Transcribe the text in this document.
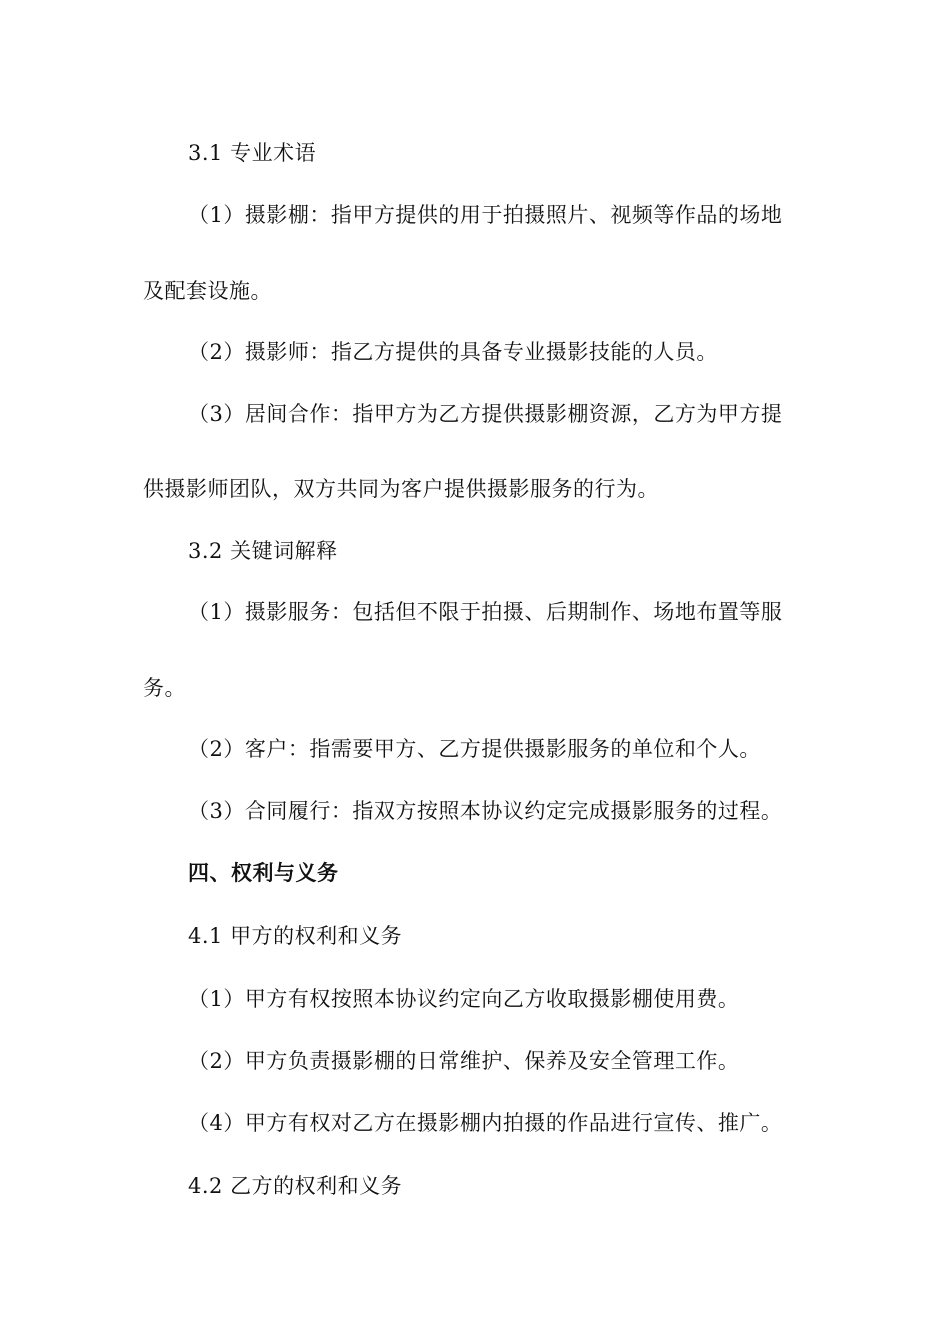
3.1 专业术语
（1）摄影棚：指甲方提供的用于拍摄照片、视频等作品的场地
及配套设施。
（2）摄影师：指乙方提供的具备专业摄影技能的人员。
（3）居间合作：指甲方为乙方提供摄影棚资源，乙方为甲方提
供摄影师团队，双方共同为客户提供摄影服务的行为。
3.2 关键词解释
（1）摄影服务：包括但不限于拍摄、后期制作、场地布置等服
务。
（2）客户：指需要甲方、乙方提供摄影服务的单位和个人。
（3）合同履行：指双方按照本协议约定完成摄影服务的过程。
四、权利与义务
4.1 甲方的权利和义务
（1）甲方有权按照本协议约定向乙方收取摄影棚使用费。
（2）甲方负责摄影棚的日常维护、保养及安全管理工作。
（4）甲方有权对乙方在摄影棚内拍摄的作品进行宣传、推广。
4.2 乙方的权利和义务
